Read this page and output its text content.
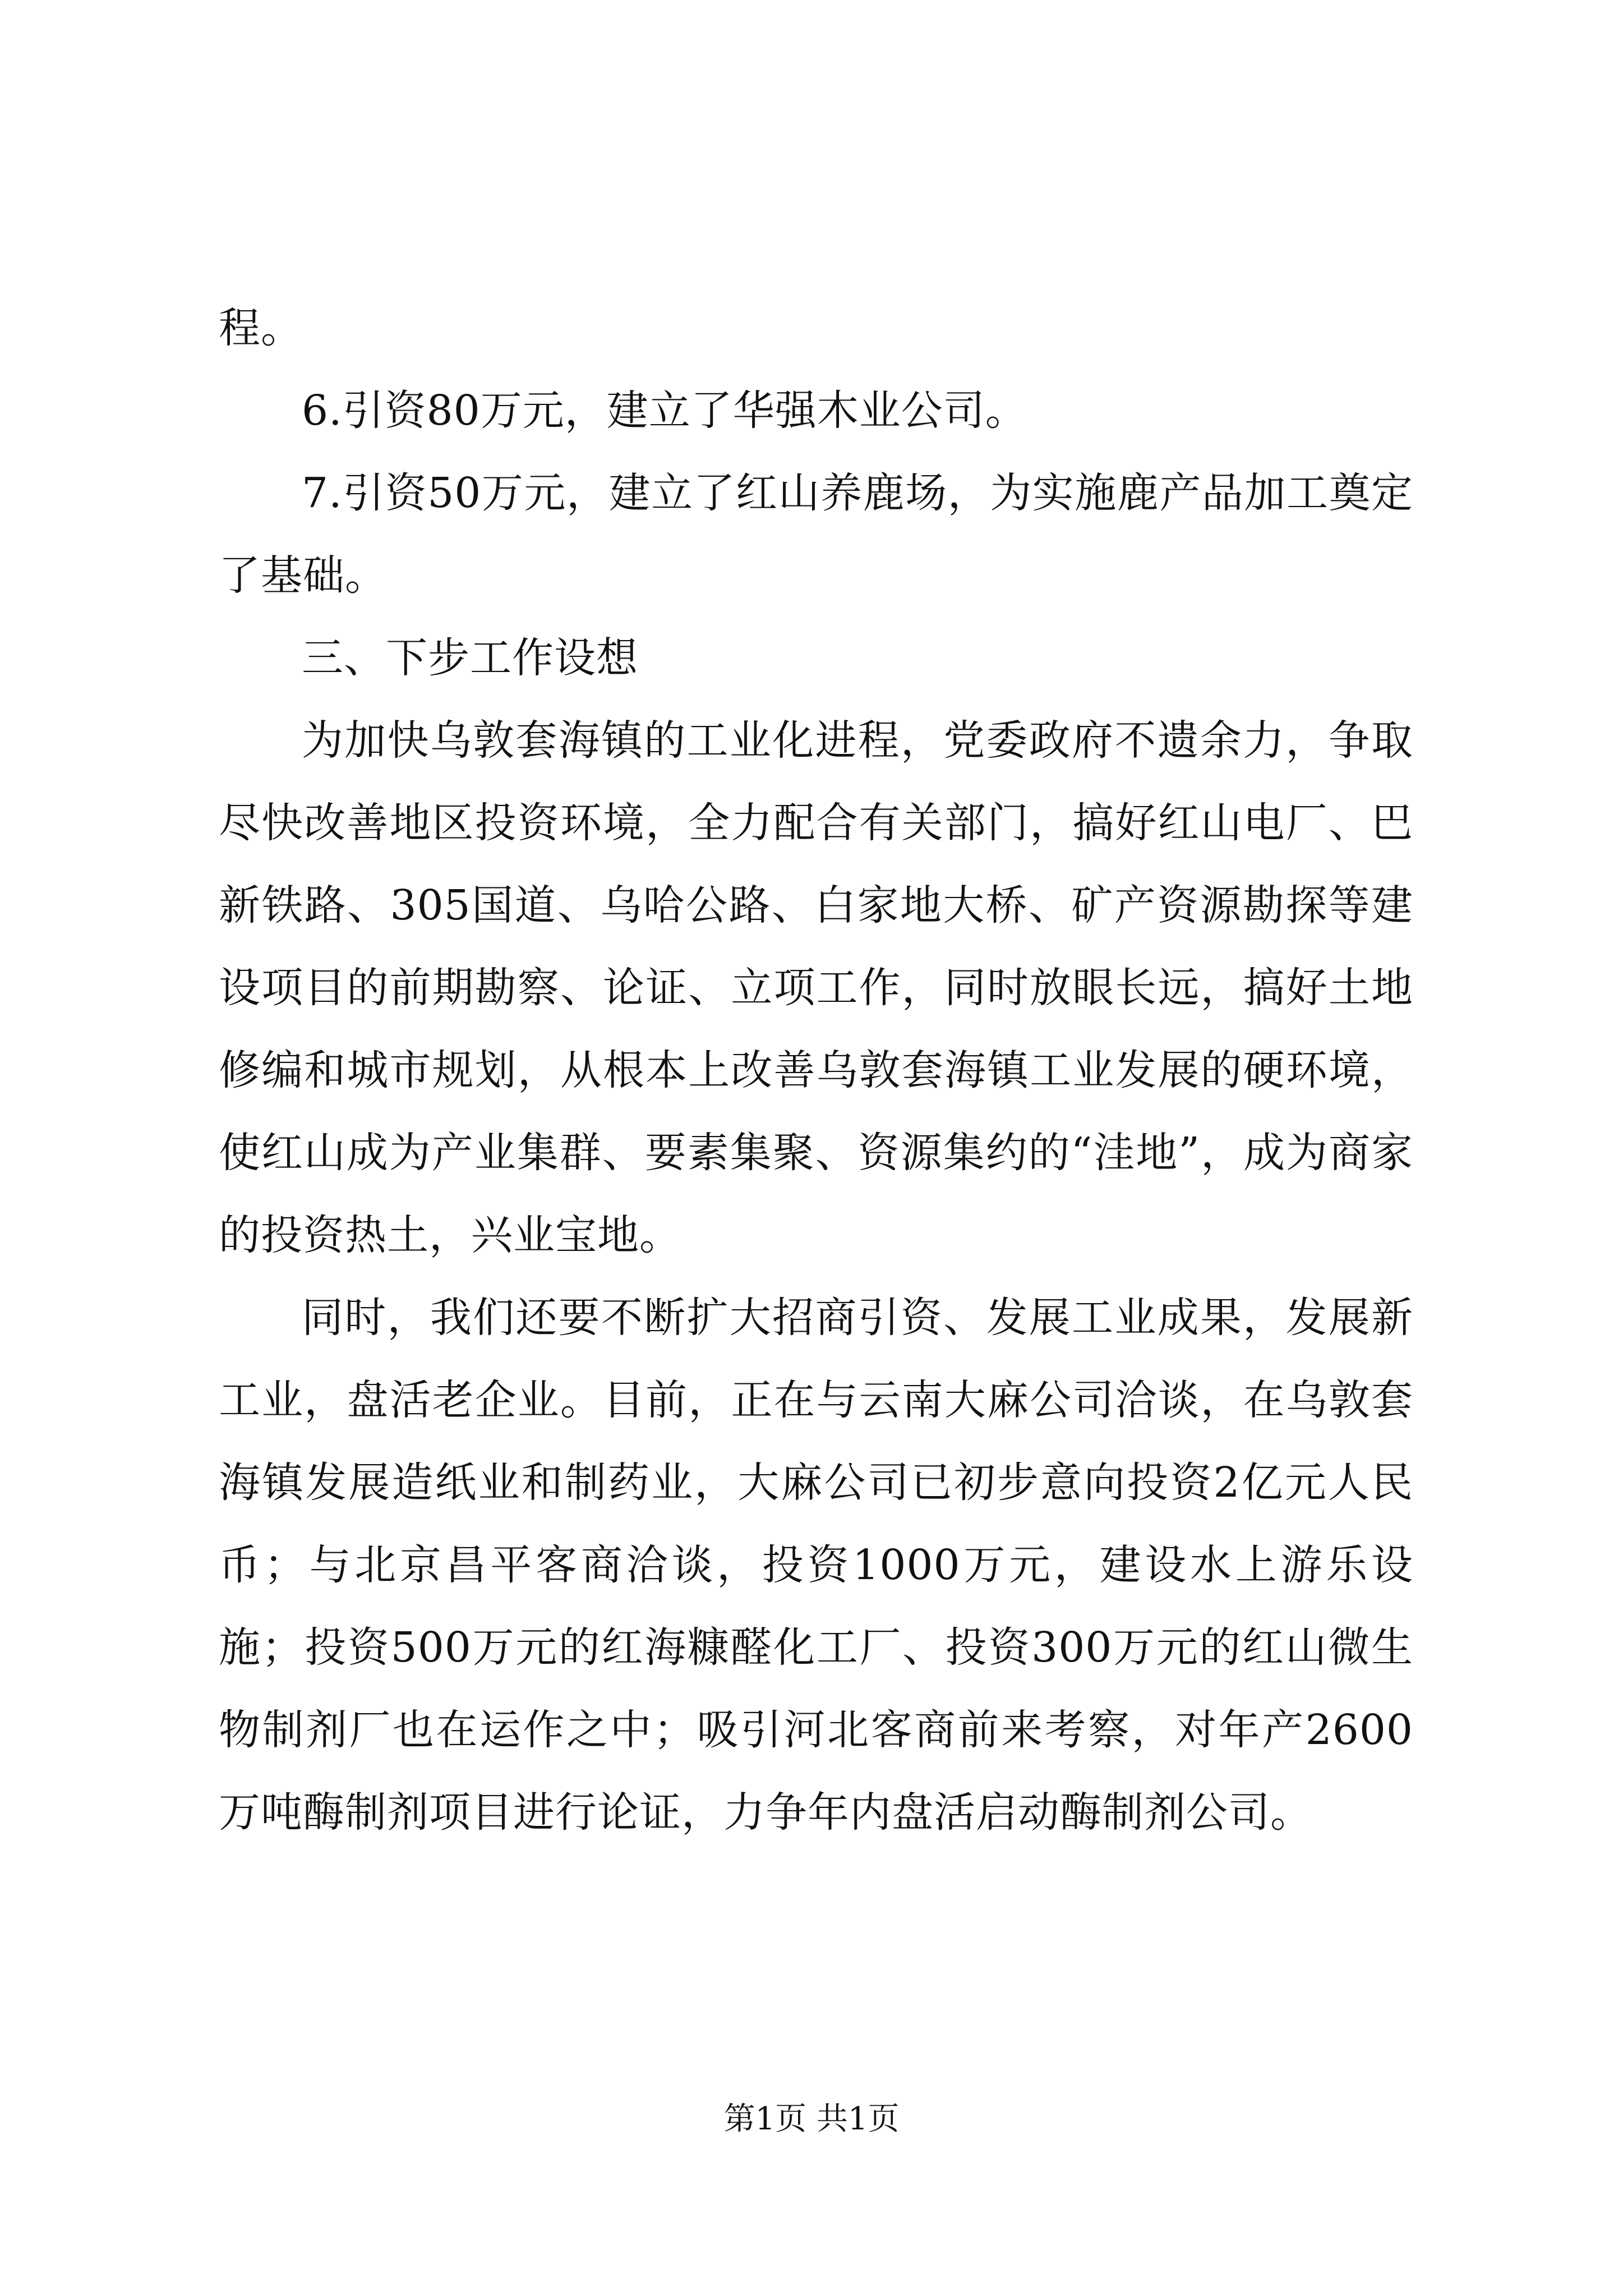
程。

6.引资80万元，建立了华强木业公司。

7.引资50万元，建立了红山养鹿场，为实施鹿产品加工奠定了基础。

三、下步工作设想

为加快乌敦套海镇的工业化进程，党委政府不遗余力，争取尽快改善地区投资环境，全力配合有关部门，搞好红山电厂、巴新铁路、305国道、乌哈公路、白家地大桥、矿产资源勘探等建设项目的前期勘察、论证、立项工作，同时放眼长远，搞好土地修编和城市规划，从根本上改善乌敦套海镇工业发展的硬环境，使红山成为产业集群、要素集聚、资源集约的“洼地”，成为商家的投资热土，兴业宝地。

同时，我们还要不断扩大招商引资、发展工业成果，发展新工业，盘活老企业。目前，正在与云南大麻公司洽谈，在乌敦套海镇发展造纸业和制药业，大麻公司已初步意向投资2亿元人民币；与北京昌平客商洽谈，投资1000万元，建设水上游乐设施；投资500万元的红海糠醛化工厂、投资300万元的红山微生物制剂厂也在运作之中；吸引河北客商前来考察，对年产2600万吨酶制剂项目进行论证，力争年内盘活启动酶制剂公司。

第1页 共1页
